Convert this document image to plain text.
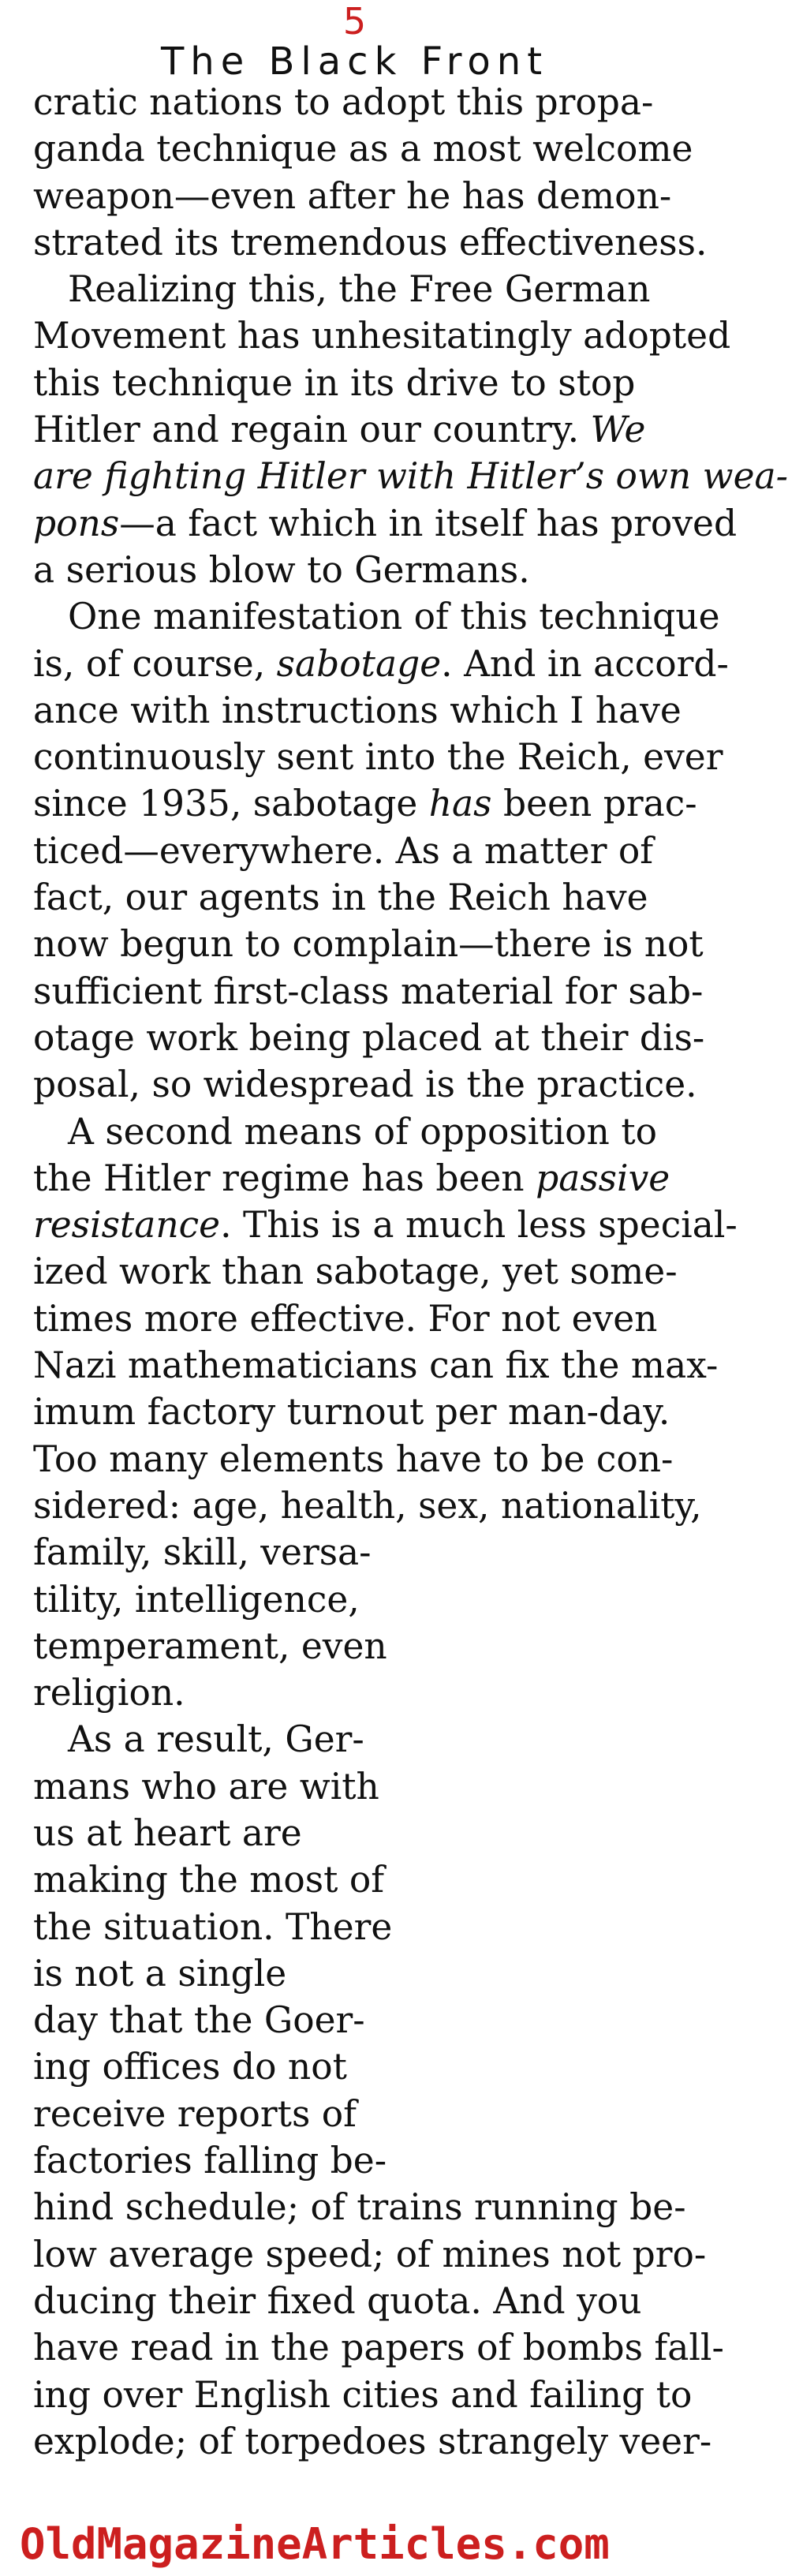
5
The Black Front
cratic nations to adopt this propa-
ganda technique as a most welcome
weapon—even after he has demon-
strated its tremendous effectiveness.
Realizing this, the Free German
Movement has unhesitatingly adopted
this technique in its drive to stop
Hitler and regain our country. We
are fighting Hitler with Hitler’s own wea-
pons—a fact which in itself has proved
a serious blow to Germans.
One manifestation of this technique
is, of course, sabotage. And in accord-
ance with instructions which I have
continuously sent into the Reich, ever
since 1935, sabotage has been prac-
ticed—everywhere. As a matter of
fact, our agents in the Reich have
now begun to complain—there is not
sufficient first-class material for sab-
otage work being placed at their dis-
posal, so widespread is the practice.
A second means of opposition to
the Hitler regime has been passive
resistance. This is a much less special-
ized work than sabotage, yet some-
times more effective. For not even
Nazi mathematicians can fix the max-
imum factory turnout per man-day.
Too many elements have to be con-
sidered: age, health, sex, nationality,
family, skill, versa-
tility, intelligence,
temperament, even
religion.
As a result, Ger-
mans who are with
us at heart are
making the most of
the situation. There
is not a single
day that the Goer-
ing offices do not
receive reports of
factories falling be-
hind schedule; of trains running be-
low average speed; of mines not pro-
ducing their fixed quota. And you
have read in the papers of bombs fall-
ing over English cities and failing to
explode; of torpedoes strangely veer-
OldMagazineArticles.com
